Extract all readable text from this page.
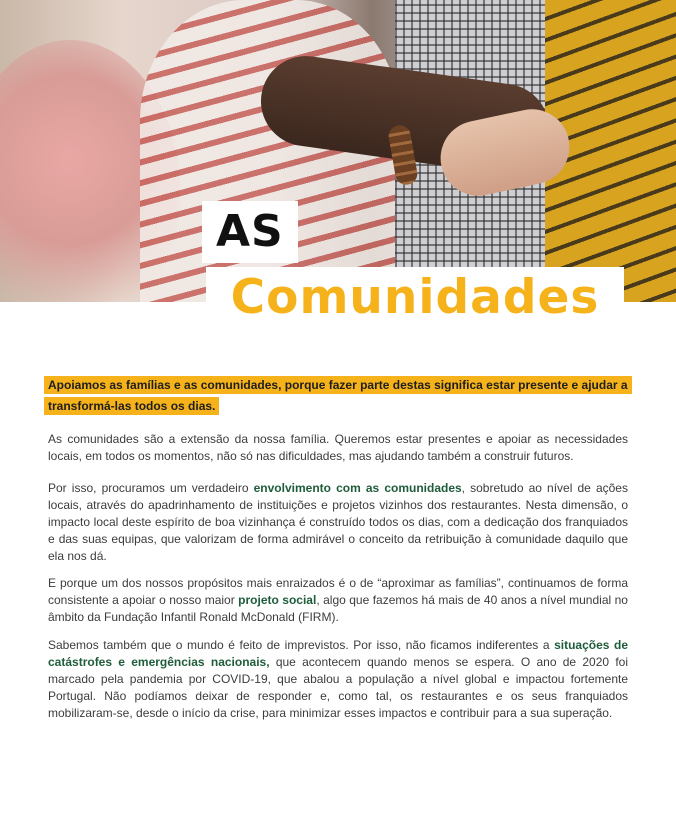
AS
Comunidades
Apoiamos as famílias e as comunidades, porque fazer parte destas significa estar presente e ajudar a transformá-las todos os dias.

As comunidades são a extensão da nossa família. Queremos estar presentes e apoiar as necessidades locais, em todos os momentos, não só nas dificuldades, mas ajudando também a construir futuros.

Por isso, procuramos um verdadeiro envolvimento com as comunidades, sobretudo ao nível de ações locais, através do apadrinhamento de instituições e projetos vizinhos dos restaurantes. Nesta dimensão, o impacto local deste espírito de boa vizinhança é construído todos os dias, com a dedicação dos franquiados e das suas equipas, que valorizam de forma admirável o conceito da retribuição à comunidade daquilo que ela nos dá.

E porque um dos nossos propósitos mais enraizados é o de “aproximar as famílias”, continuamos de forma consistente a apoiar o nosso maior projeto social, algo que fazemos há mais de 40 anos a nível mundial no âmbito da Fundação Infantil Ronald McDonald (FIRM).

Sabemos também que o mundo é feito de imprevistos. Por isso, não ficamos indiferentes a situações de catástrofes e emergências nacionais, que acontecem quando menos se espera. O ano de 2020 foi marcado pela pandemia por COVID-19, que abalou a população a nível global e impactou fortemente Portugal. Não podíamos deixar de responder e, como tal, os restaurantes e os seus franquiados mobilizaram-se, desde o início da crise, para minimizar esses impactos e contribuir para a sua superação.
